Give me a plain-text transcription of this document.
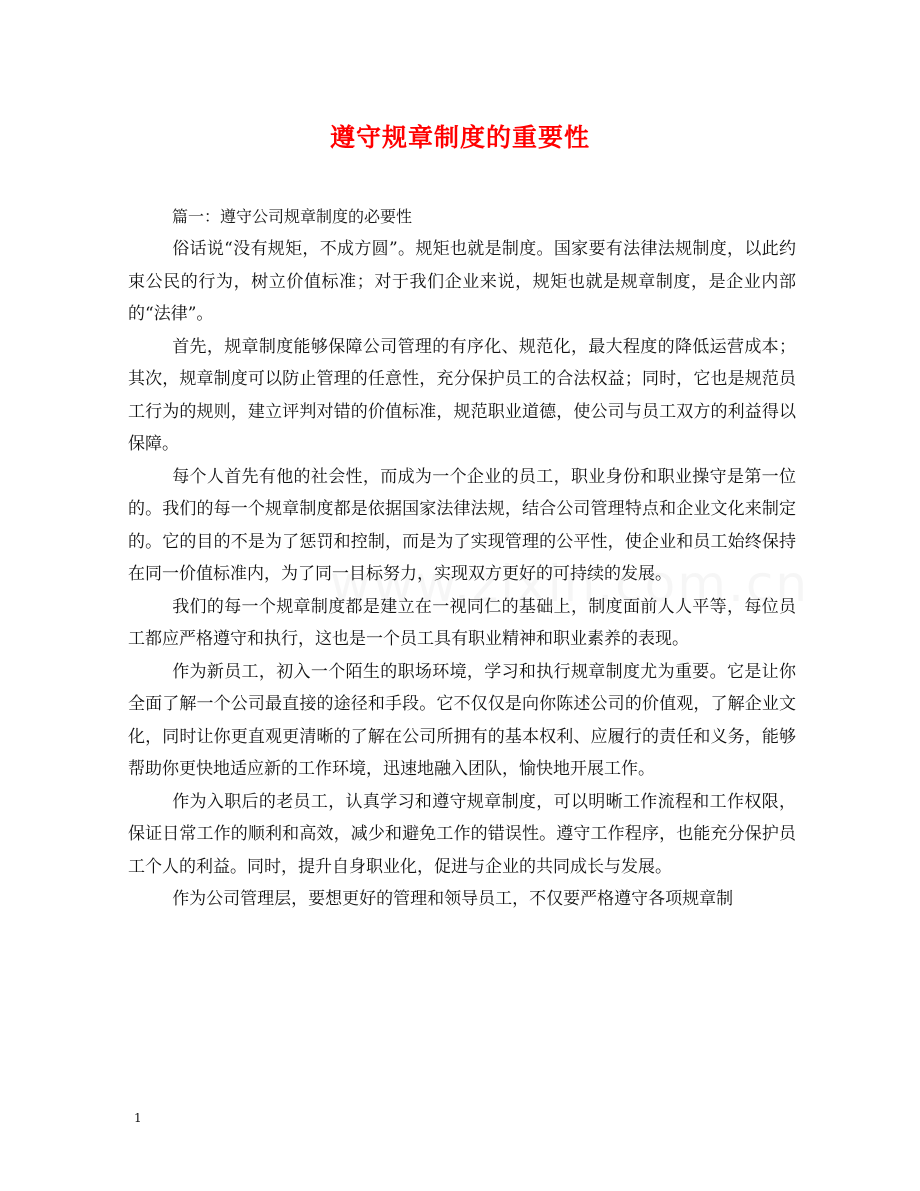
遵守规章制度的重要性

篇一：遵守公司规章制度的必要性

俗话说“没有规矩，不成方圆”。规矩也就是制度。国家要有法律法规制度，以此约束公民的行为，树立价值标准；对于我们企业来说，规矩也就是规章制度，是企业内部的“法律”。

首先，规章制度能够保障公司管理的有序化、规范化，最大程度的降低运营成本；其次，规章制度可以防止管理的任意性，充分保护员工的合法权益；同时，它也是规范员工行为的规则，建立评判对错的价值标准，规范职业道德，使公司与员工双方的利益得以保障。

每个人首先有他的社会性，而成为一个企业的员工，职业身份和职业操守是第一位的。我们的每一个规章制度都是依据国家法律法规，结合公司管理特点和企业文化来制定的。它的目的不是为了惩罚和控制，而是为了实现管理的公平性，使企业和员工始终保持在同一价值标准内，为了同一目标努力，实现双方更好的可持续的发展。

我们的每一个规章制度都是建立在一视同仁的基础上，制度面前人人平等，每位员工都应严格遵守和执行，这也是一个员工具有职业精神和职业素养的表现。

作为新员工，初入一个陌生的职场环境，学习和执行规章制度尤为重要。它是让你全面了解一个公司最直接的途径和手段。它不仅仅是向你陈述公司的价值观，了解企业文化，同时让你更直观更清晰的了解在公司所拥有的基本权利、应履行的责任和义务，能够帮助你更快地适应新的工作环境，迅速地融入团队，愉快地开展工作。

作为入职后的老员工，认真学习和遵守规章制度，可以明晰工作流程和工作权限，保证日常工作的顺利和高效，减少和避免工作的错误性。遵守工作程序，也能充分保护员工个人的利益。同时，提升自身职业化，促进与企业的共同成长与发展。

作为公司管理层，要想更好的管理和领导员工，不仅要严格遵守各项规章制

1
